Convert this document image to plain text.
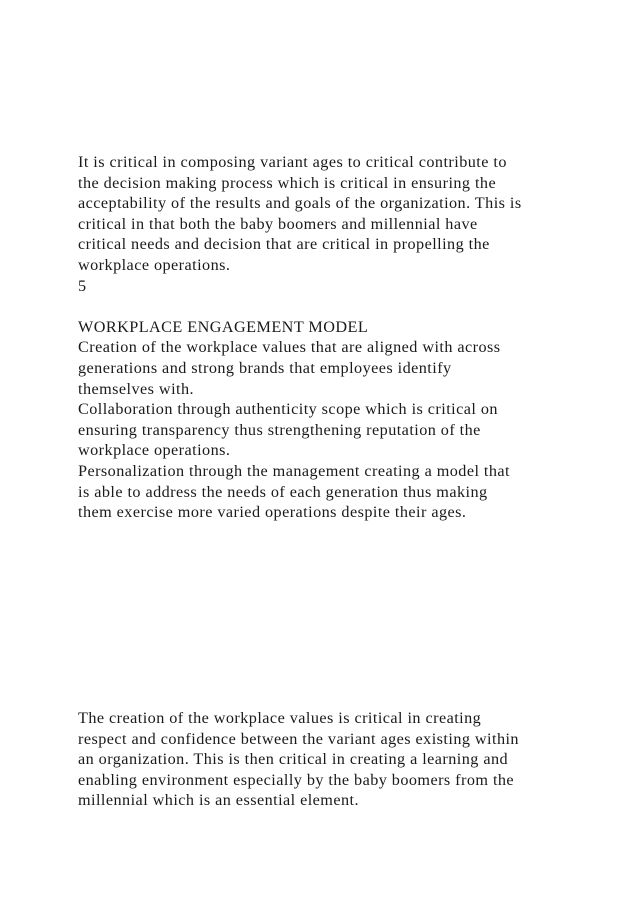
It is critical in composing variant ages to critical contribute to
the decision making process which is critical in ensuring the
acceptability of the results and goals of the organization. This is
critical in that both the baby boomers and millennial have
critical needs and decision that are critical in propelling the
workplace operations.
5
WORKPLACE ENGAGEMENT MODEL
Creation of the workplace values that are aligned with across
generations and strong brands that employees identify
themselves with.
Collaboration through authenticity scope which is critical on
ensuring transparency thus strengthening reputation of the
workplace operations.
Personalization through the management creating a model that
is able to address the needs of each generation thus making
them exercise more varied operations despite their ages.
The creation of the workplace values is critical in creating
respect and confidence between the variant ages existing within
an organization. This is then critical in creating a learning and
enabling environment especially by the baby boomers from the
millennial which is an essential element.
